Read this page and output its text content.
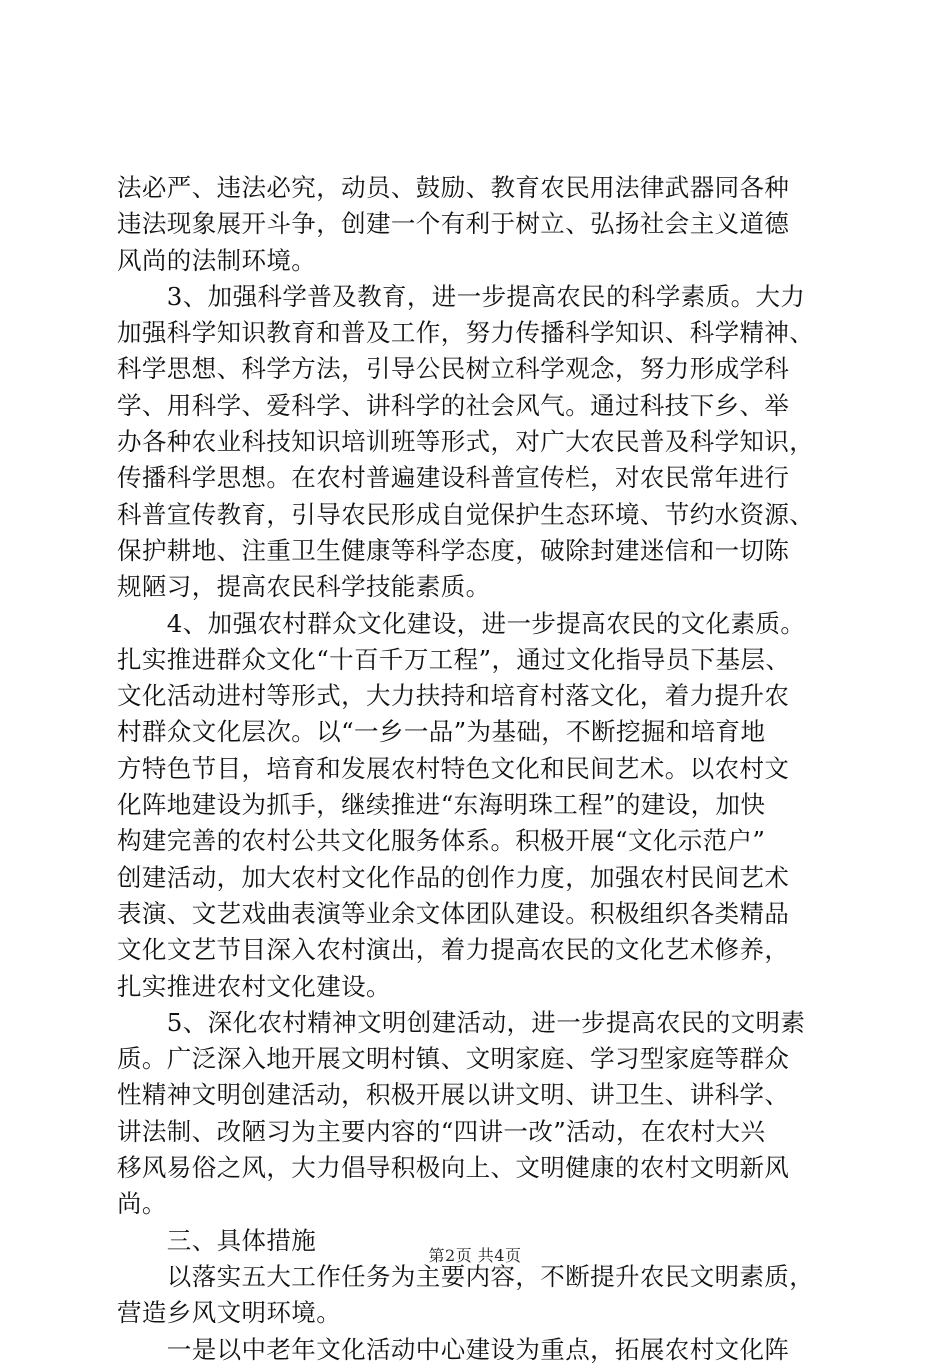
法必严、违法必究，动员、鼓励、教育农民用法律武器同各种
违法现象展开斗争，创建一个有利于树立、弘扬社会主义道德
风尚的法制环境。
　　3、加强科学普及教育，进一步提高农民的科学素质。大力
加强科学知识教育和普及工作，努力传播科学知识、科学精神、
科学思想、科学方法，引导公民树立科学观念，努力形成学科
学、用科学、爱科学、讲科学的社会风气。通过科技下乡、举
办各种农业科技知识培训班等形式，对广大农民普及科学知识，
传播科学思想。在农村普遍建设科普宣传栏，对农民常年进行
科普宣传教育，引导农民形成自觉保护生态环境、节约水资源、
保护耕地、注重卫生健康等科学态度，破除封建迷信和一切陈
规陋习，提高农民科学技能素质。
　　4、加强农村群众文化建设，进一步提高农民的文化素质。
扎实推进群众文化“十百千万工程”，通过文化指导员下基层、
文化活动进村等形式，大力扶持和培育村落文化，着力提升农
村群众文化层次。以“一乡一品”为基础，不断挖掘和培育地
方特色节目，培育和发展农村特色文化和民间艺术。以农村文
化阵地建设为抓手，继续推进“东海明珠工程”的建设，加快
构建完善的农村公共文化服务体系。积极开展“文化示范户”
创建活动，加大农村文化作品的创作力度，加强农村民间艺术
表演、文艺戏曲表演等业余文体团队建设。积极组织各类精品
文化文艺节目深入农村演出，着力提高农民的文化艺术修养，
扎实推进农村文化建设。
　　5、深化农村精神文明创建活动，进一步提高农民的文明素
质。广泛深入地开展文明村镇、文明家庭、学习型家庭等群众
性精神文明创建活动，积极开展以讲文明、讲卫生、讲科学、
讲法制、改陋习为主要内容的“四讲一改”活动，在农村大兴
移风易俗之风，大力倡导积极向上、文明健康的农村文明新风
尚。
　　三、具体措施
　　以落实五大工作任务为主要内容，不断提升农民文明素质，
营造乡风文明环境。
　　一是以中老年文化活动中心建设为重点，拓展农村文化阵
第2页 共4页
